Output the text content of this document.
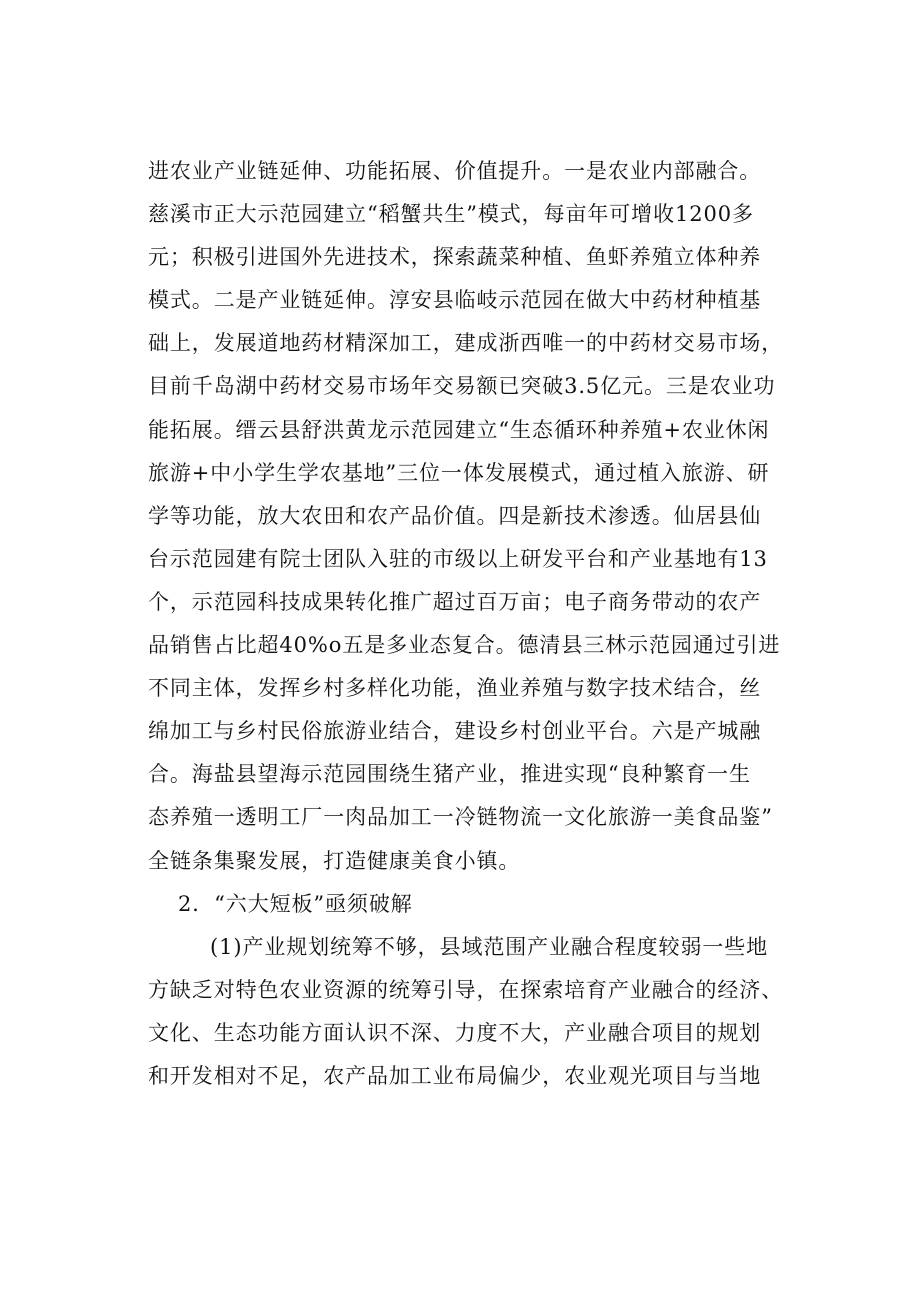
进农业产业链延伸、功能拓展、价值提升。一是农业内部融合。
慈溪市正大示范园建立“稻蟹共生”模式，每亩年可增收1200多
元；积极引进国外先进技术，探索蔬菜种植、鱼虾养殖立体种养
模式。二是产业链延伸。淳安县临岐示范园在做大中药材种植基
础上，发展道地药材精深加工，建成浙西唯一的中药材交易市场，
目前千岛湖中药材交易市场年交易额已突破3.5亿元。三是农业功
能拓展。缙云县舒洪黄龙示范园建立“生态循环种养殖+农业休闲
旅游+中小学生学农基地”三位一体发展模式，通过植入旅游、研
学等功能，放大农田和农产品价值。四是新技术渗透。仙居县仙
台示范园建有院士团队入驻的市级以上研发平台和产业基地有13
个，示范园科技成果转化推广超过百万亩；电子商务带动的农产
品销售占比超40%o五是多业态复合。德清县三林示范园通过引进
不同主体，发挥乡村多样化功能，渔业养殖与数字技术结合，丝
绵加工与乡村民俗旅游业结合，建设乡村创业平台。六是产城融
合。海盐县望海示范园围绕生猪产业，推进实现“良种繁育一生
态养殖一透明工厂一肉品加工一冷链物流一文化旅游一美食品鉴”
全链条集聚发展，打造健康美食小镇。
2．“六大短板”亟须破解
(1)产业规划统筹不够，县域范围产业融合程度较弱一些地
方缺乏对特色农业资源的统筹引导，在探索培育产业融合的经济、
文化、生态功能方面认识不深、力度不大，产业融合项目的规划
和开发相对不足，农产品加工业布局偏少，农业观光项目与当地
